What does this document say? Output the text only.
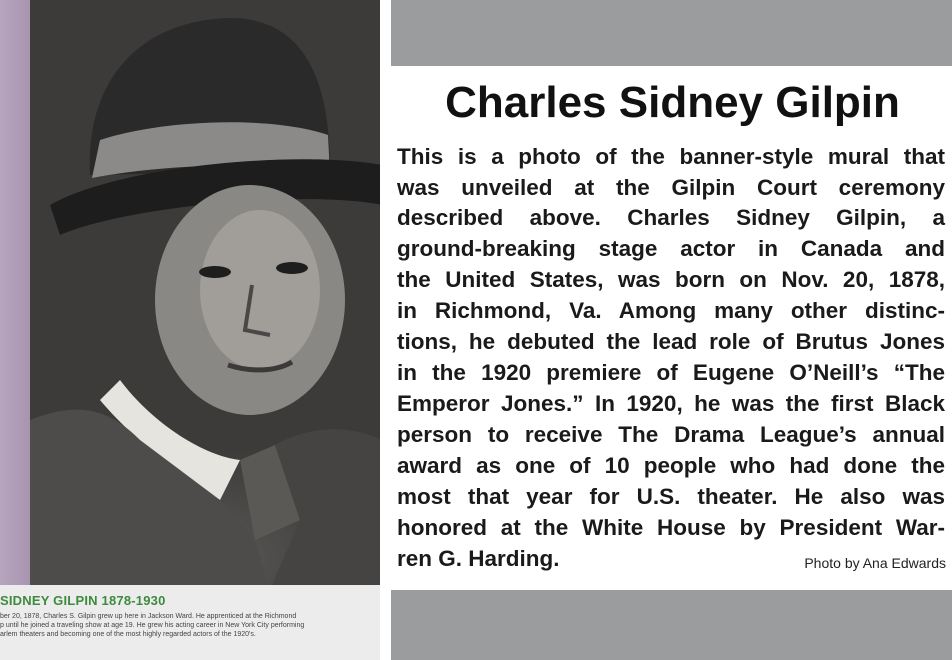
SIDNEY GILPIN 1878-1930
ber 20, 1878, Charles S. Gilpin grew up here in Jackson Ward. He apprenticed at the Richmond
p until he joined a traveling show at age 19. He grew his acting career in New York City performing
arlem theaters and becoming one of the most highly regarded actors of the 1920's.
Charles Sidney Gilpin
This is a photo of the banner-style mural that
was unveiled at the Gilpin Court ceremony
described above. Charles Sidney Gilpin, a
ground-breaking stage actor in Canada and
the United States, was born on Nov. 20, 1878,
in Richmond, Va. Among many other distinc-
tions, he debuted the lead role of Brutus Jones
in the 1920 premiere of Eugene O’Neill’s “The
Emperor Jones.” In 1920, he was the first Black
person to receive The Drama League’s annual
award as one of 10 people who had done the
most that year for U.S. theater. He also was
honored at the White House by President War-
ren G. Harding.	Photo by Ana Edwards
